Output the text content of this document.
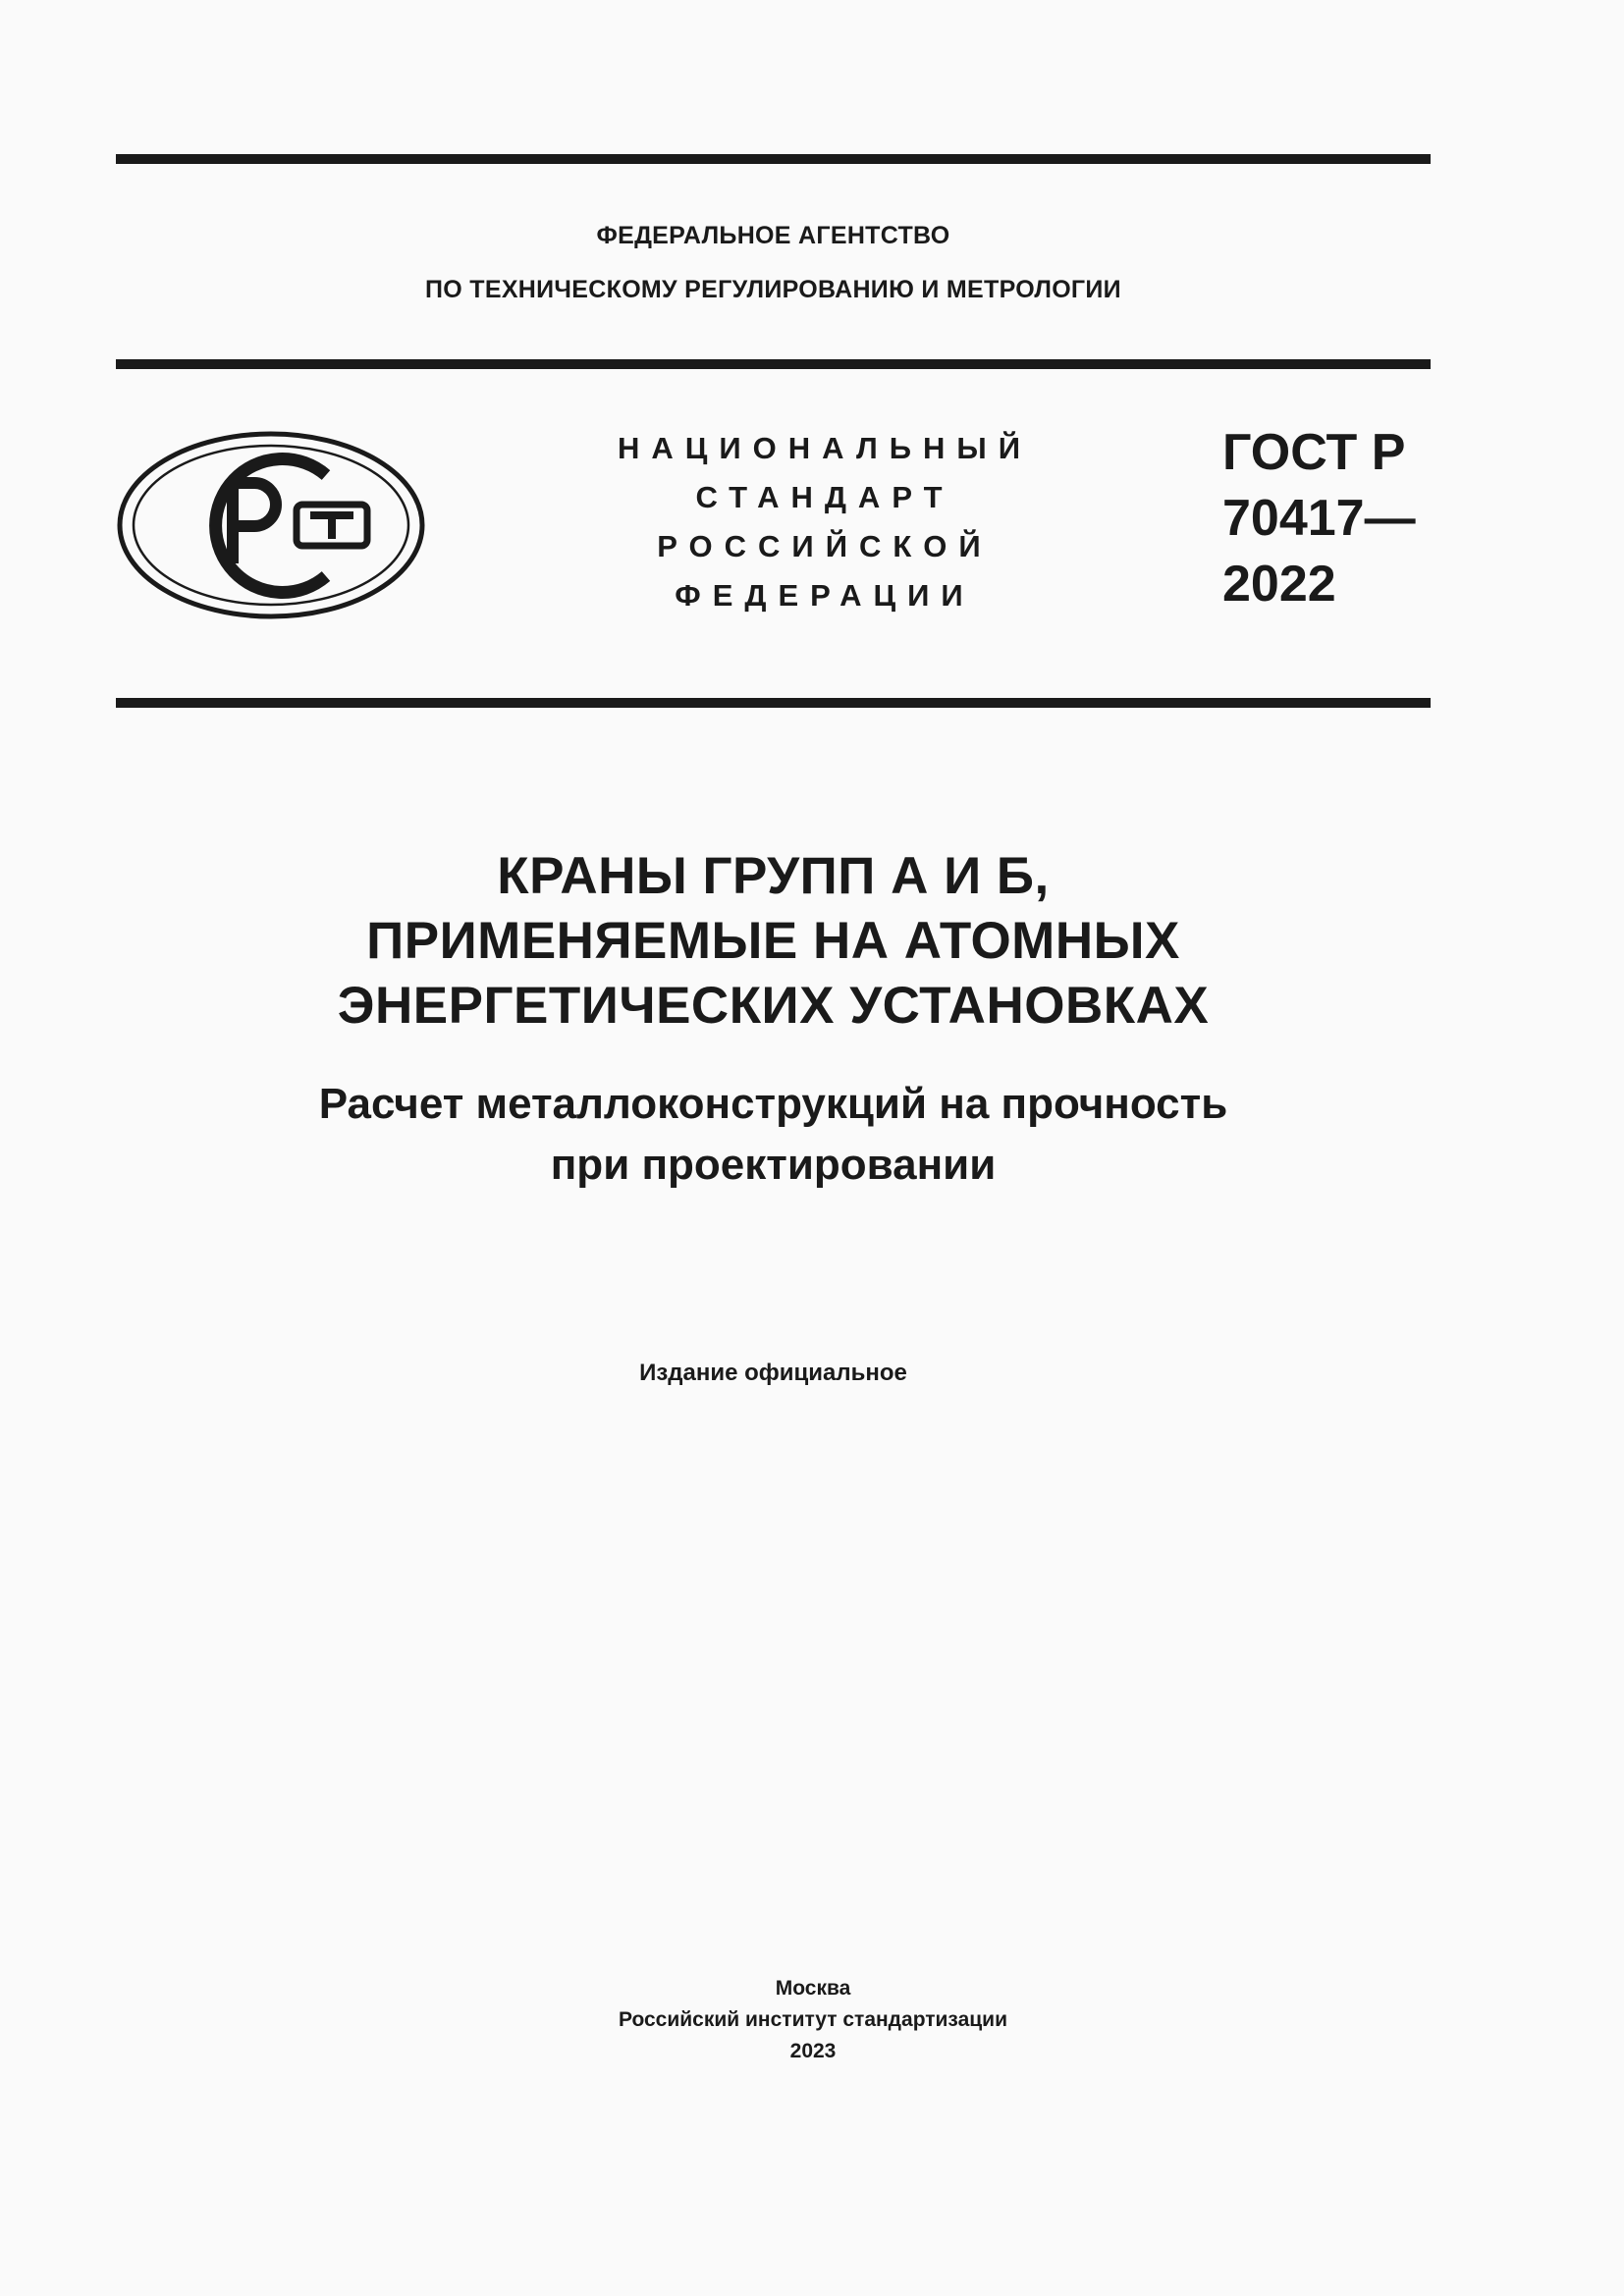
ФЕДЕРАЛЬНОЕ АГЕНТСТВО
ПО ТЕХНИЧЕСКОМУ РЕГУЛИРОВАНИЮ И МЕТРОЛОГИИ
НАЦИОНАЛЬНЫЙ
СТАНДАРТ
РОССИЙСКОЙ
ФЕДЕРАЦИИ
ГОСТ Р
70417—
2022
КРАНЫ ГРУПП А И Б,
ПРИМЕНЯЕМЫЕ НА АТОМНЫХ
ЭНЕРГЕТИЧЕСКИХ УСТАНОВКАХ
Расчет металлоконструкций на прочность
при проектировании
Издание официальное
Москва
Российский институт стандартизации
2023
